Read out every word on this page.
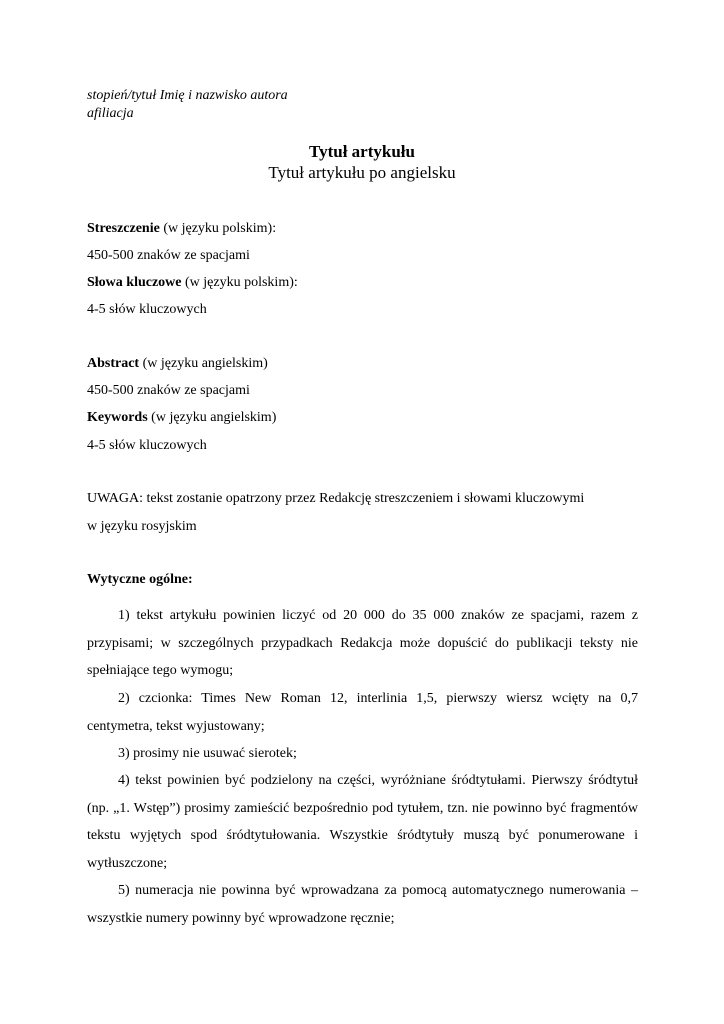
stopień/tytuł Imię i nazwisko autora

afiliacja

Tytuł artykułu

Tytuł artykułu po angielsku

Streszczenie (w języku polskim):

450-500 znaków ze spacjami

Słowa kluczowe (w języku polskim):

4-5 słów kluczowych

Abstract (w języku angielskim)

450-500 znaków ze spacjami

Keywords (w języku angielskim)

4-5 słów kluczowych

UWAGA: tekst zostanie opatrzony przez Redakcję streszczeniem i słowami kluczowymi

w języku rosyjskim

Wytyczne ogólne:

1) tekst artykułu powinien liczyć od 20 000 do 35 000 znaków ze spacjami, razem z przypisami; w szczególnych przypadkach Redakcja może dopuścić do publikacji teksty nie spełniające tego wymogu;

2) czcionka: Times New Roman 12, interlinia 1,5, pierwszy wiersz wcięty na 0,7 centymetra, tekst wyjustowany;

3) prosimy nie usuwać sierotek;

4) tekst powinien być podzielony na części, wyróżniane śródtytułami. Pierwszy śródtytuł (np. „1. Wstęp”) prosimy zamieścić bezpośrednio pod tytułem, tzn. nie powinno być fragmentów tekstu wyjętych spod śródtytułowania. Wszystkie śródtytuły muszą być ponumerowane i wytłuszczone;

5) numeracja nie powinna być wprowadzana za pomocą automatycznego numerowania – wszystkie numery powinny być wprowadzone ręcznie;
